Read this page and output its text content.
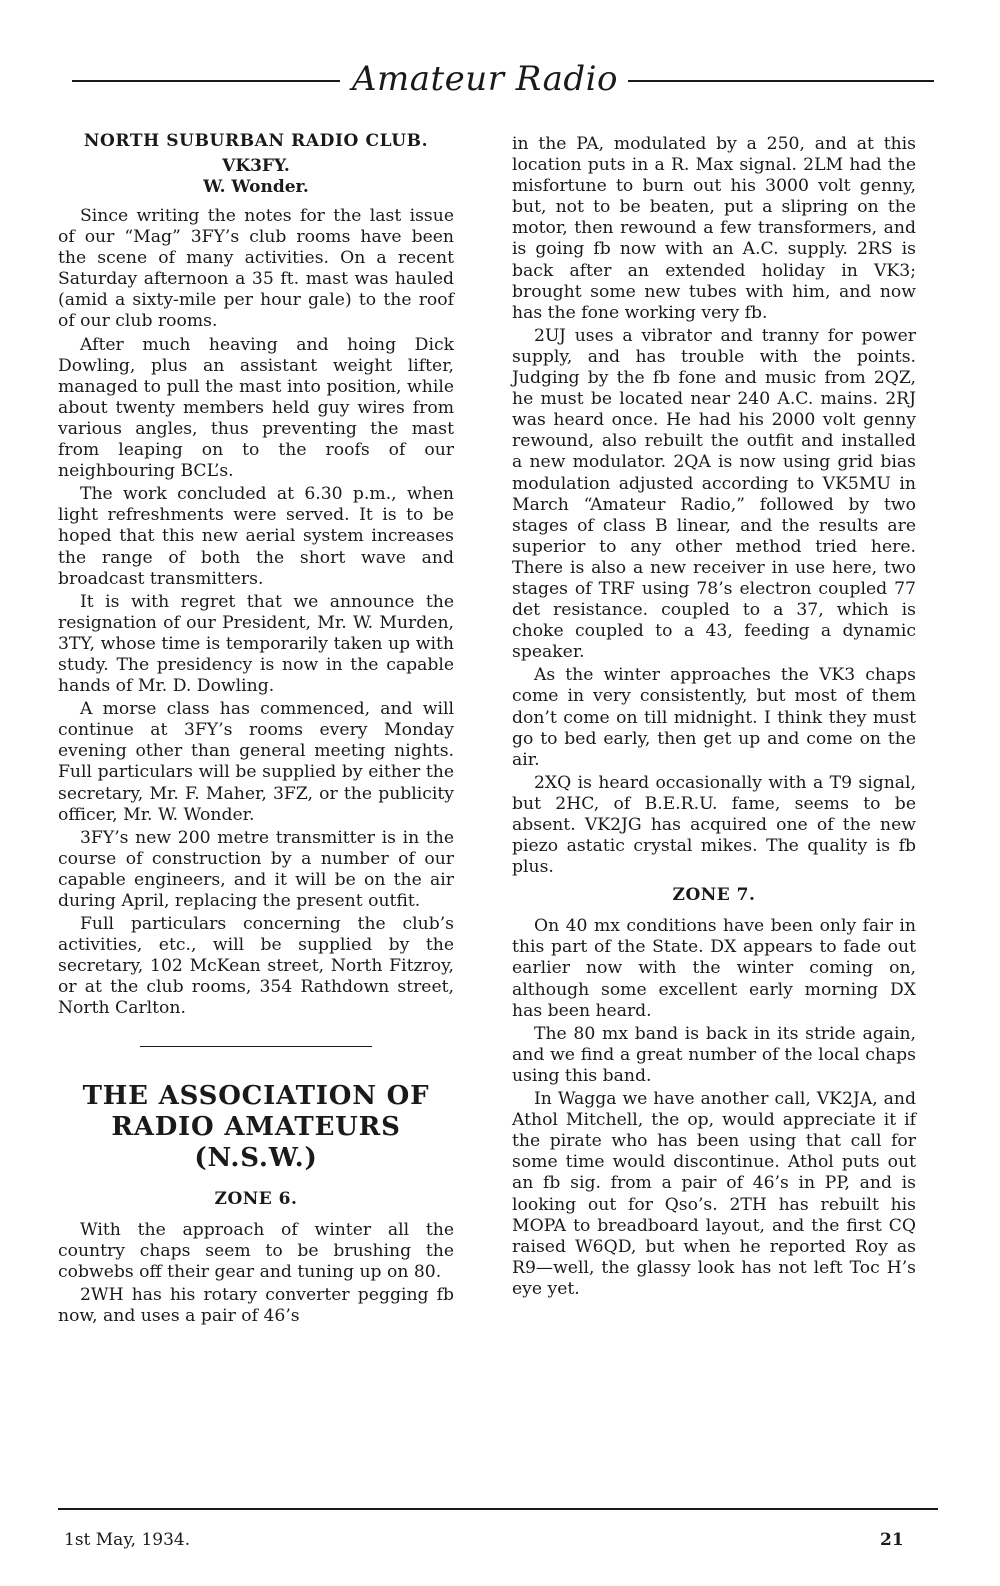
Amateur Radio
NORTH SUBURBAN RADIO CLUB.
VK3FY.
W. Wonder.

Since writing the notes for the last issue of our “Mag” 3FY’s club rooms have been the scene of many activities. On a recent Saturday afternoon a 35 ft. mast was hauled (amid a sixty-mile per hour gale) to the roof of our club rooms.

After much heaving and hoing Dick Dowling, plus an assistant weight lifter, managed to pull the mast into position, while about twenty members held guy wires from various angles, thus preventing the mast from leaping on to the roofs of our neighbouring BCL’s.

The work concluded at 6.30 p.m., when light refreshments were served. It is to be hoped that this new aerial system increases the range of both the short wave and broadcast transmitters.

It is with regret that we announce the resignation of our President, Mr. W. Murden, 3TY, whose time is temporarily taken up with study. The presidency is now in the capable hands of Mr. D. Dowling.

A morse class has commenced, and will continue at 3FY’s rooms every Monday evening other than general meeting nights. Full particulars will be supplied by either the secretary, Mr. F. Maher, 3FZ, or the publicity officer, Mr. W. Wonder.

3FY’s new 200 metre transmitter is in the course of construction by a number of our capable engineers, and it will be on the air during April, replacing the present outfit.

Full particulars concerning the club’s activities, etc., will be supplied by the secretary, 102 McKean street, North Fitzroy, or at the club rooms, 354 Rathdown street, North Carlton.

THE ASSOCIATION OF
RADIO AMATEURS
(N.S.W.)
ZONE 6.

With the approach of winter all the country chaps seem to be brushing the cobwebs off their gear and tuning up on 80.

2WH has his rotary converter pegging fb now, and uses a pair of 46’s

in the PA, modulated by a 250, and at this location puts in a R. Max signal. 2LM had the misfortune to burn out his 3000 volt genny, but, not to be beaten, put a slipring on the motor, then rewound a few transformers, and is going fb now with an A.C. supply. 2RS is back after an extended holiday in VK3; brought some new tubes with him, and now has the fone working very fb.

2UJ uses a vibrator and tranny for power supply, and has trouble with the points. Judging by the fb fone and music from 2QZ, he must be located near 240 A.C. mains. 2RJ was heard once. He had his 2000 volt genny rewound, also rebuilt the outfit and installed a new modulator. 2QA is now using grid bias modulation adjusted according to VK5MU in March “Amateur Radio,” followed by two stages of class B linear, and the results are superior to any other method tried here. There is also a new receiver in use here, two stages of TRF using 78’s electron coupled 77 det resistance. coupled to a 37, which is choke coupled to a 43, feeding a dynamic speaker.

As the winter approaches the VK3 chaps come in very consistently, but most of them don’t come on till midnight. I think they must go to bed early, then get up and come on the air.

2XQ is heard occasionally with a T9 signal, but 2HC, of B.E.R.U. fame, seems to be absent. VK2JG has acquired one of the new piezo astatic crystal mikes. The quality is fb plus.

ZONE 7.

On 40 mx conditions have been only fair in this part of the State. DX appears to fade out earlier now with the winter coming on, although some excellent early morning DX has been heard.

The 80 mx band is back in its stride again, and we find a great number of the local chaps using this band.

In Wagga we have another call, VK2JA, and Athol Mitchell, the op, would appreciate it if the pirate who has been using that call for some time would discontinue. Athol puts out an fb sig. from a pair of 46’s in PP, and is looking out for Qso’s. 2TH has rebuilt his MOPA to breadboard layout, and the first CQ raised W6QD, but when he reported Roy as R9—well, the glassy look has not left Toc H’s eye yet.

1st May, 1934.	21
